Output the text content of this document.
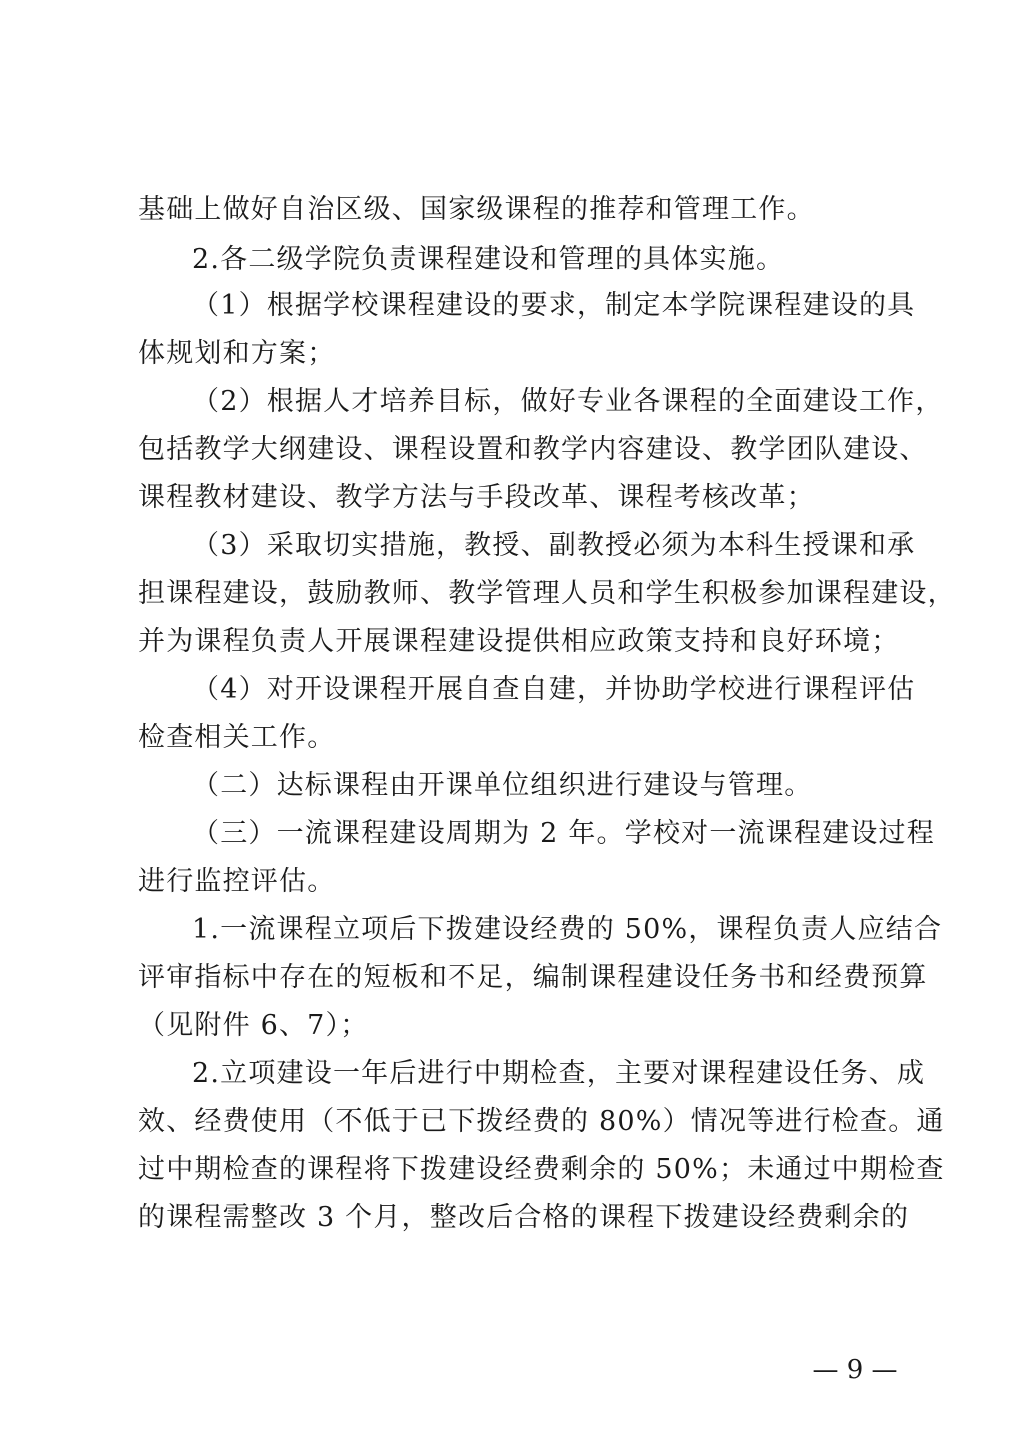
基础上做好自治区级、国家级课程的推荐和管理工作。
2.各二级学院负责课程建设和管理的具体实施。
（1）根据学校课程建设的要求，制定本学院课程建设的具
体规划和方案；
（2）根据人才培养目标，做好专业各课程的全面建设工作，
包括教学大纲建设、课程设置和教学内容建设、教学团队建设、
课程教材建设、教学方法与手段改革、课程考核改革；
（3）采取切实措施，教授、副教授必须为本科生授课和承
担课程建设，鼓励教师、教学管理人员和学生积极参加课程建设，
并为课程负责人开展课程建设提供相应政策支持和良好环境；
（4）对开设课程开展自查自建，并协助学校进行课程评估
检查相关工作。
（二）达标课程由开课单位组织进行建设与管理。
（三）一流课程建设周期为 2 年。学校对一流课程建设过程
进行监控评估。
1.一流课程立项后下拨建设经费的 50%，课程负责人应结合
评审指标中存在的短板和不足，编制课程建设任务书和经费预算
（见附件 6、7）；
2.立项建设一年后进行中期检查，主要对课程建设任务、成
效、经费使用（不低于已下拨经费的 80%）情况等进行检查。通
过中期检查的课程将下拨建设经费剩余的 50%；未通过中期检查
的课程需整改 3 个月，整改后合格的课程下拨建设经费剩余的
— 9 —
